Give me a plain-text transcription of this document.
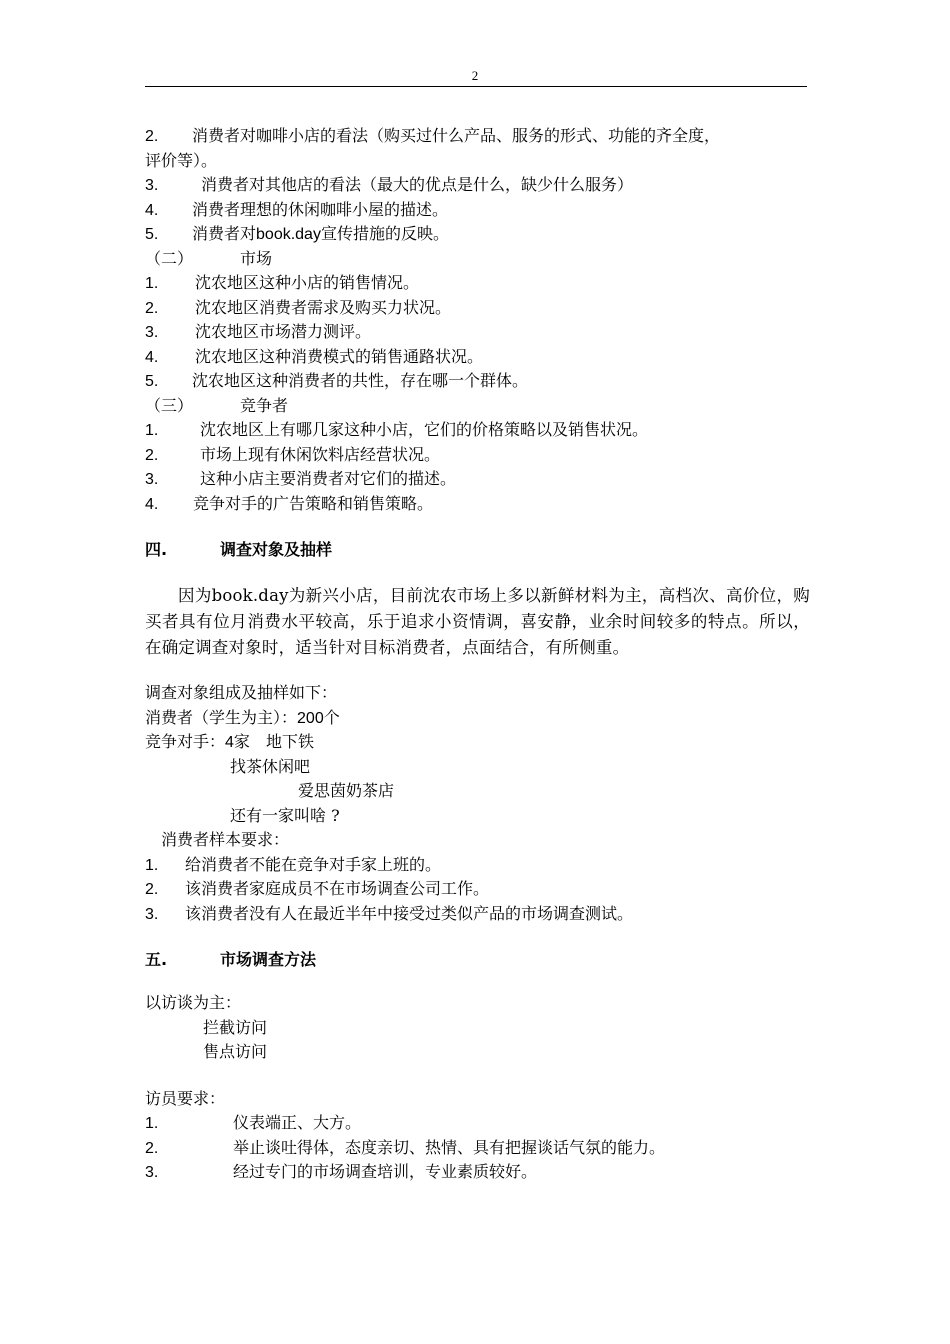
2
2. 消费者对咖啡小店的看法（购买过什么产品、服务的形式、功能的齐全度，
评价等）。
3.	消费者对其他店的看法（最大的优点是什么，缺少什么服务）
4. 消费者理想的休闲咖啡小屋的描述。
5. 消费者对book.day宣传措施的反映。
（二）	市场
1. 沈农地区这种小店的销售情况。
2. 沈农地区消费者需求及购买力状况。
3. 沈农地区市场潜力测评。
4. 沈农地区这种消费模式的销售通路状况。
5. 沈农地区这种消费者的共性，存在哪一个群体。
（三）	竞争者
1.	沈农地区上有哪几家这种小店，它们的价格策略以及销售状况。
2.	市场上现有休闲饮料店经营状况。
3.	这种小店主要消费者对它们的描述。
4. 竞争对手的广告策略和销售策略。
四.	调查对象及抽样
因为book.day为新兴小店，目前沈农市场上多以新鲜材料为主，高档次、高价位，购买者具有位月消费水平较高，乐于追求小资情调，喜安静，业余时间较多的特点。所以，在确定调查对象时，适当针对目标消费者，点面结合，有所侧重。
调查对象组成及抽样如下：
消费者（学生为主）：200个
竞争对手：4家 地下铁
找茶休闲吧
爱思茵奶茶店
还有一家叫啥 ?
消费者样本要求：
1. 给消费者不能在竞争对手家上班的。
2. 该消费者家庭成员不在市场调查公司工作。
3. 该消费者没有人在最近半年中接受过类似产品的市场调查测试。
五.	市场调查方法
以访谈为主：
拦截访问
售点访问
访员要求：
1.	仪表端正、大方。
2.	举止谈吐得体，态度亲切、热情、具有把握谈话气氛的能力。
3.	经过专门的市场调查培训，专业素质较好。
